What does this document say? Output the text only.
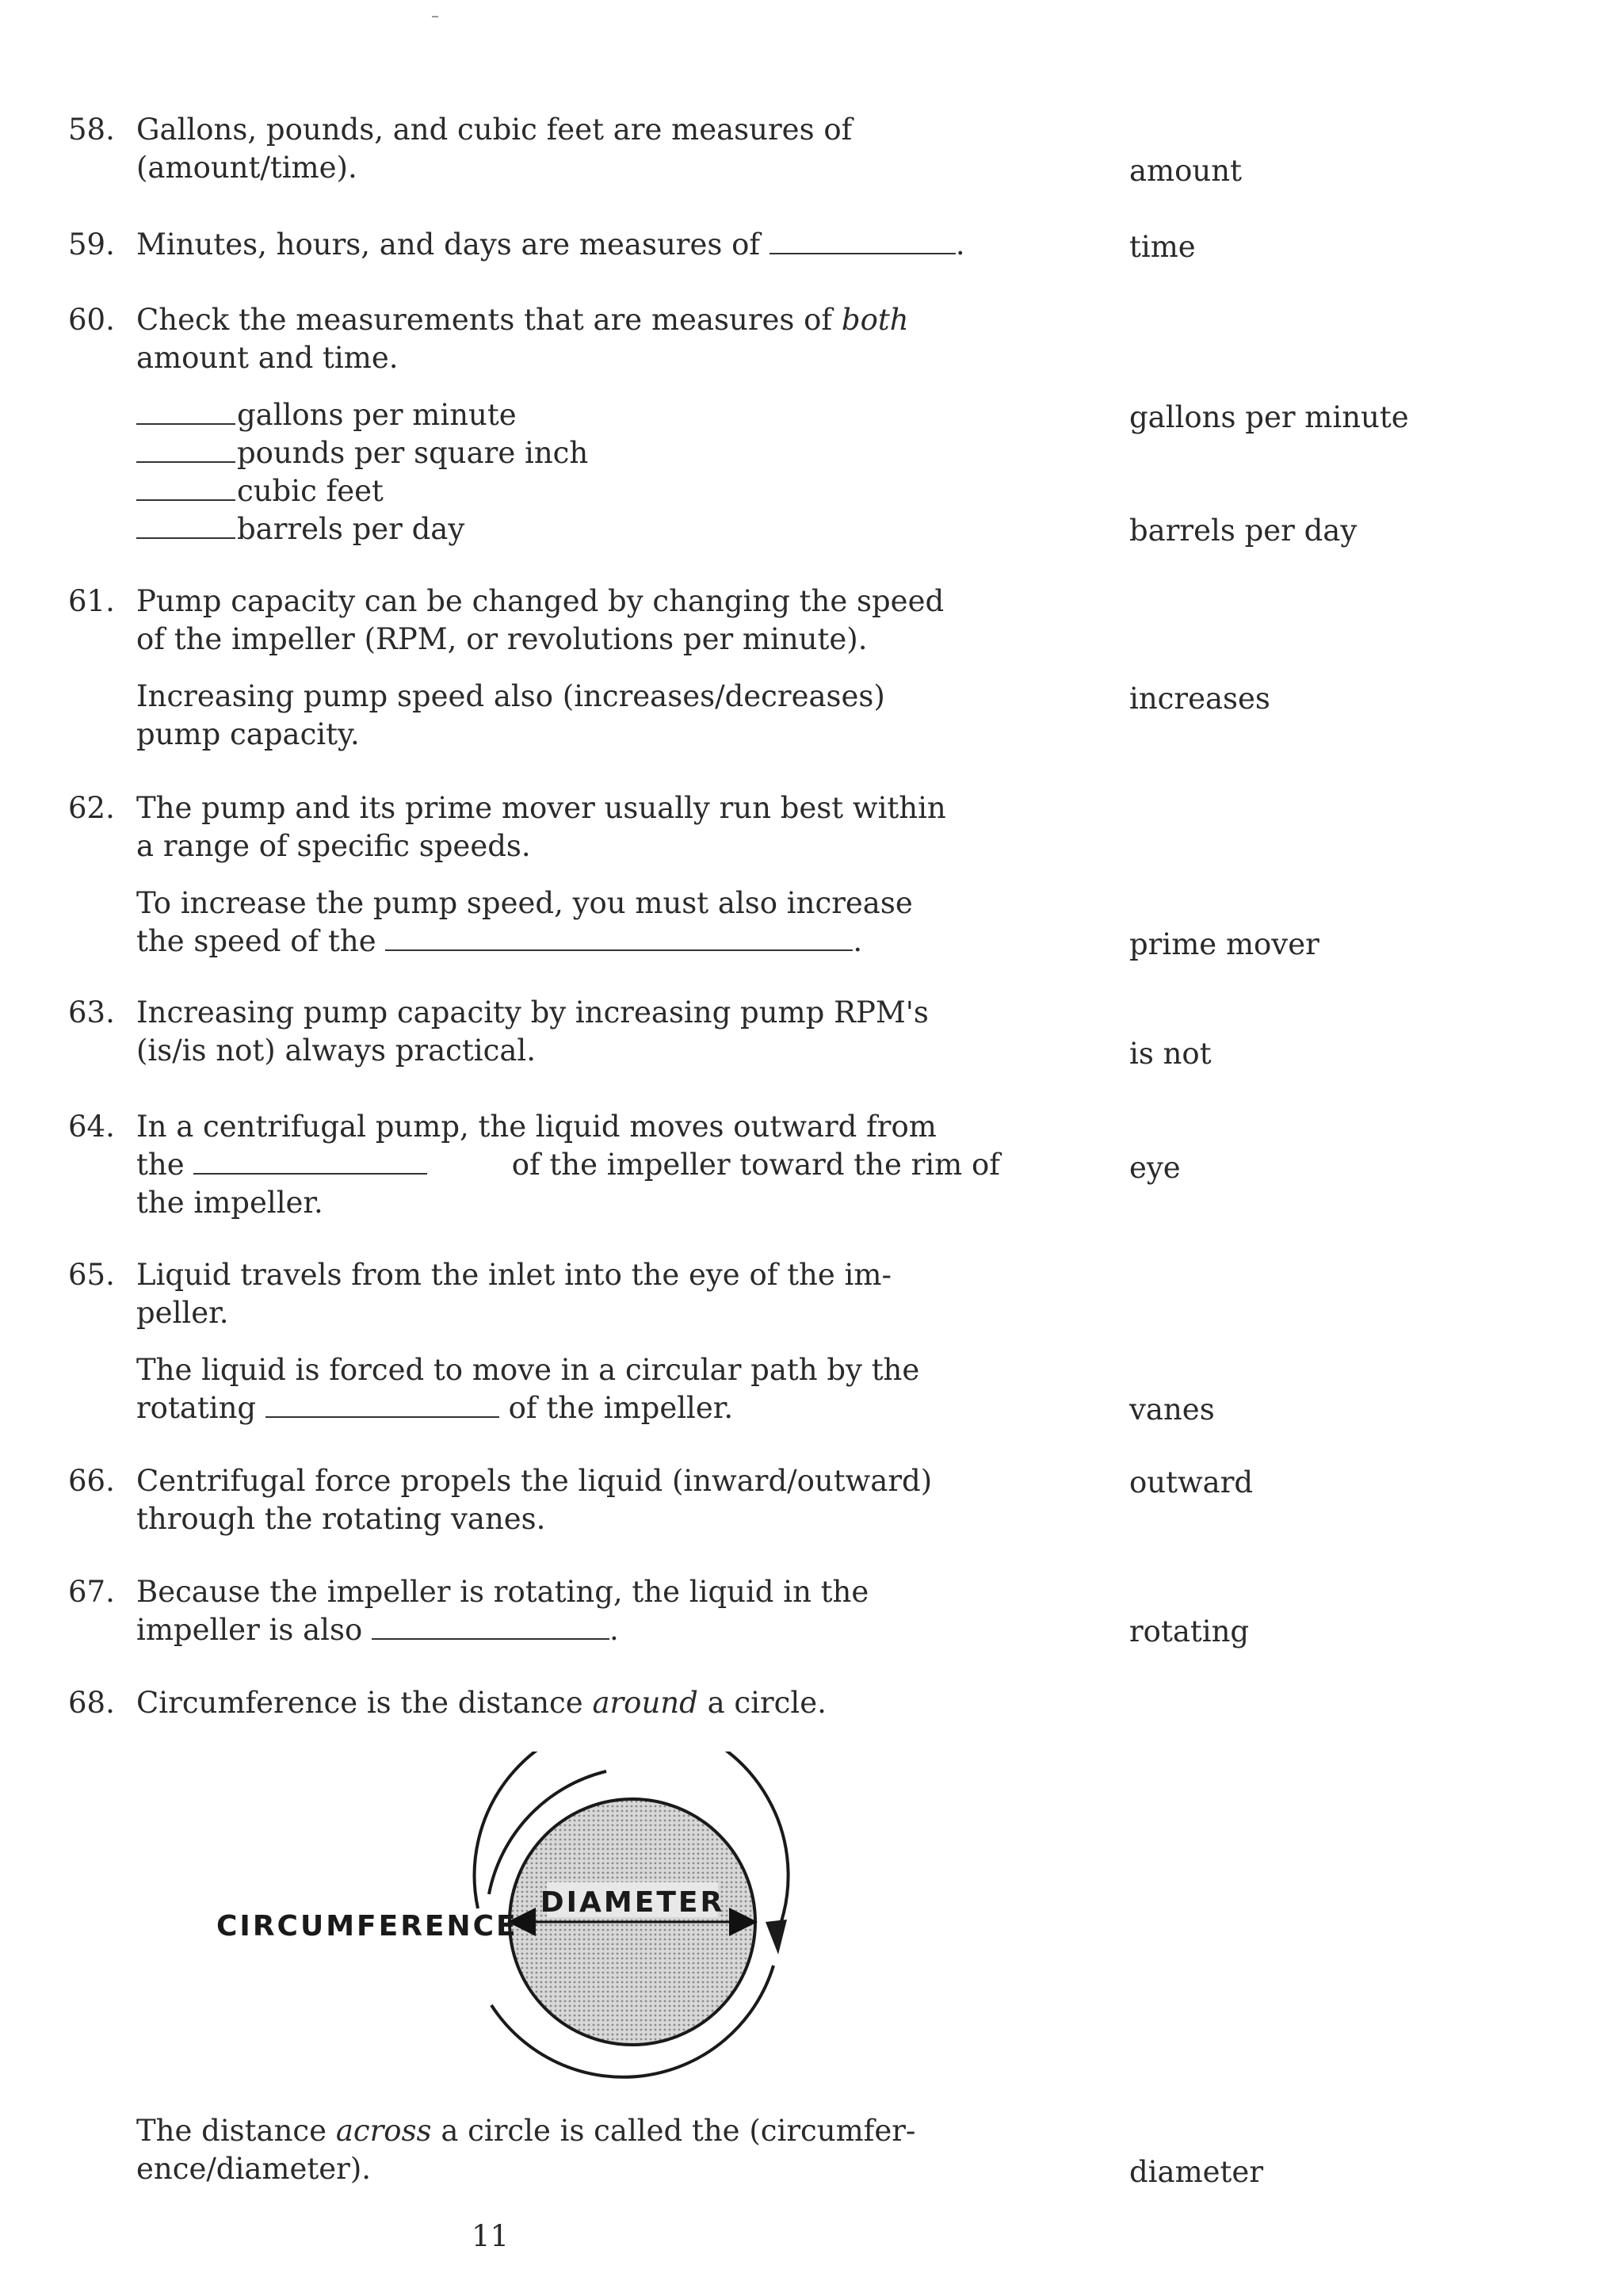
58. Gallons, pounds, and cubic feet are measures of
(amount/time).	amount
59. Minutes, hours, and days are measures of	.	time
60. Check the measurements that are measures of both
amount and time.
gallons per minute
pounds per square inch
cubic feet
barrels per day
gallons per minute
barrels per day
61. Pump capacity can be changed by changing the speed
of the impeller (RPM, or revolutions per minute).
Increasing pump speed also (increases/decreases)
pump capacity.
increases
62. The pump and its prime mover usually run best within
a range of specific speeds.
To increase the pump speed, you must also increase
the speed of the	.	prime mover
63. Increasing pump capacity by increasing pump RPM's
(is/is not) always practical.	is not
64. In a centrifugal pump, the liquid moves outward from
the	of the impeller toward the rim of
the impeller.
eye
65. Liquid travels from the inlet into the eye of the im-
peller.
The liquid is forced to move in a circular path by the
rotating	of the impeller.	vanes
66. Centrifugal force propels the liquid (inward/outward)
through the rotating vanes.
outward
67. Because the impeller is rotating, the liquid in the
impeller is also	.	rotating
68. Circumference is the distance around a circle.
DIAMETER
CIRCUMFERENCE
The distance across a circle is called the (circumfer-
ence/diameter).	diameter
11
